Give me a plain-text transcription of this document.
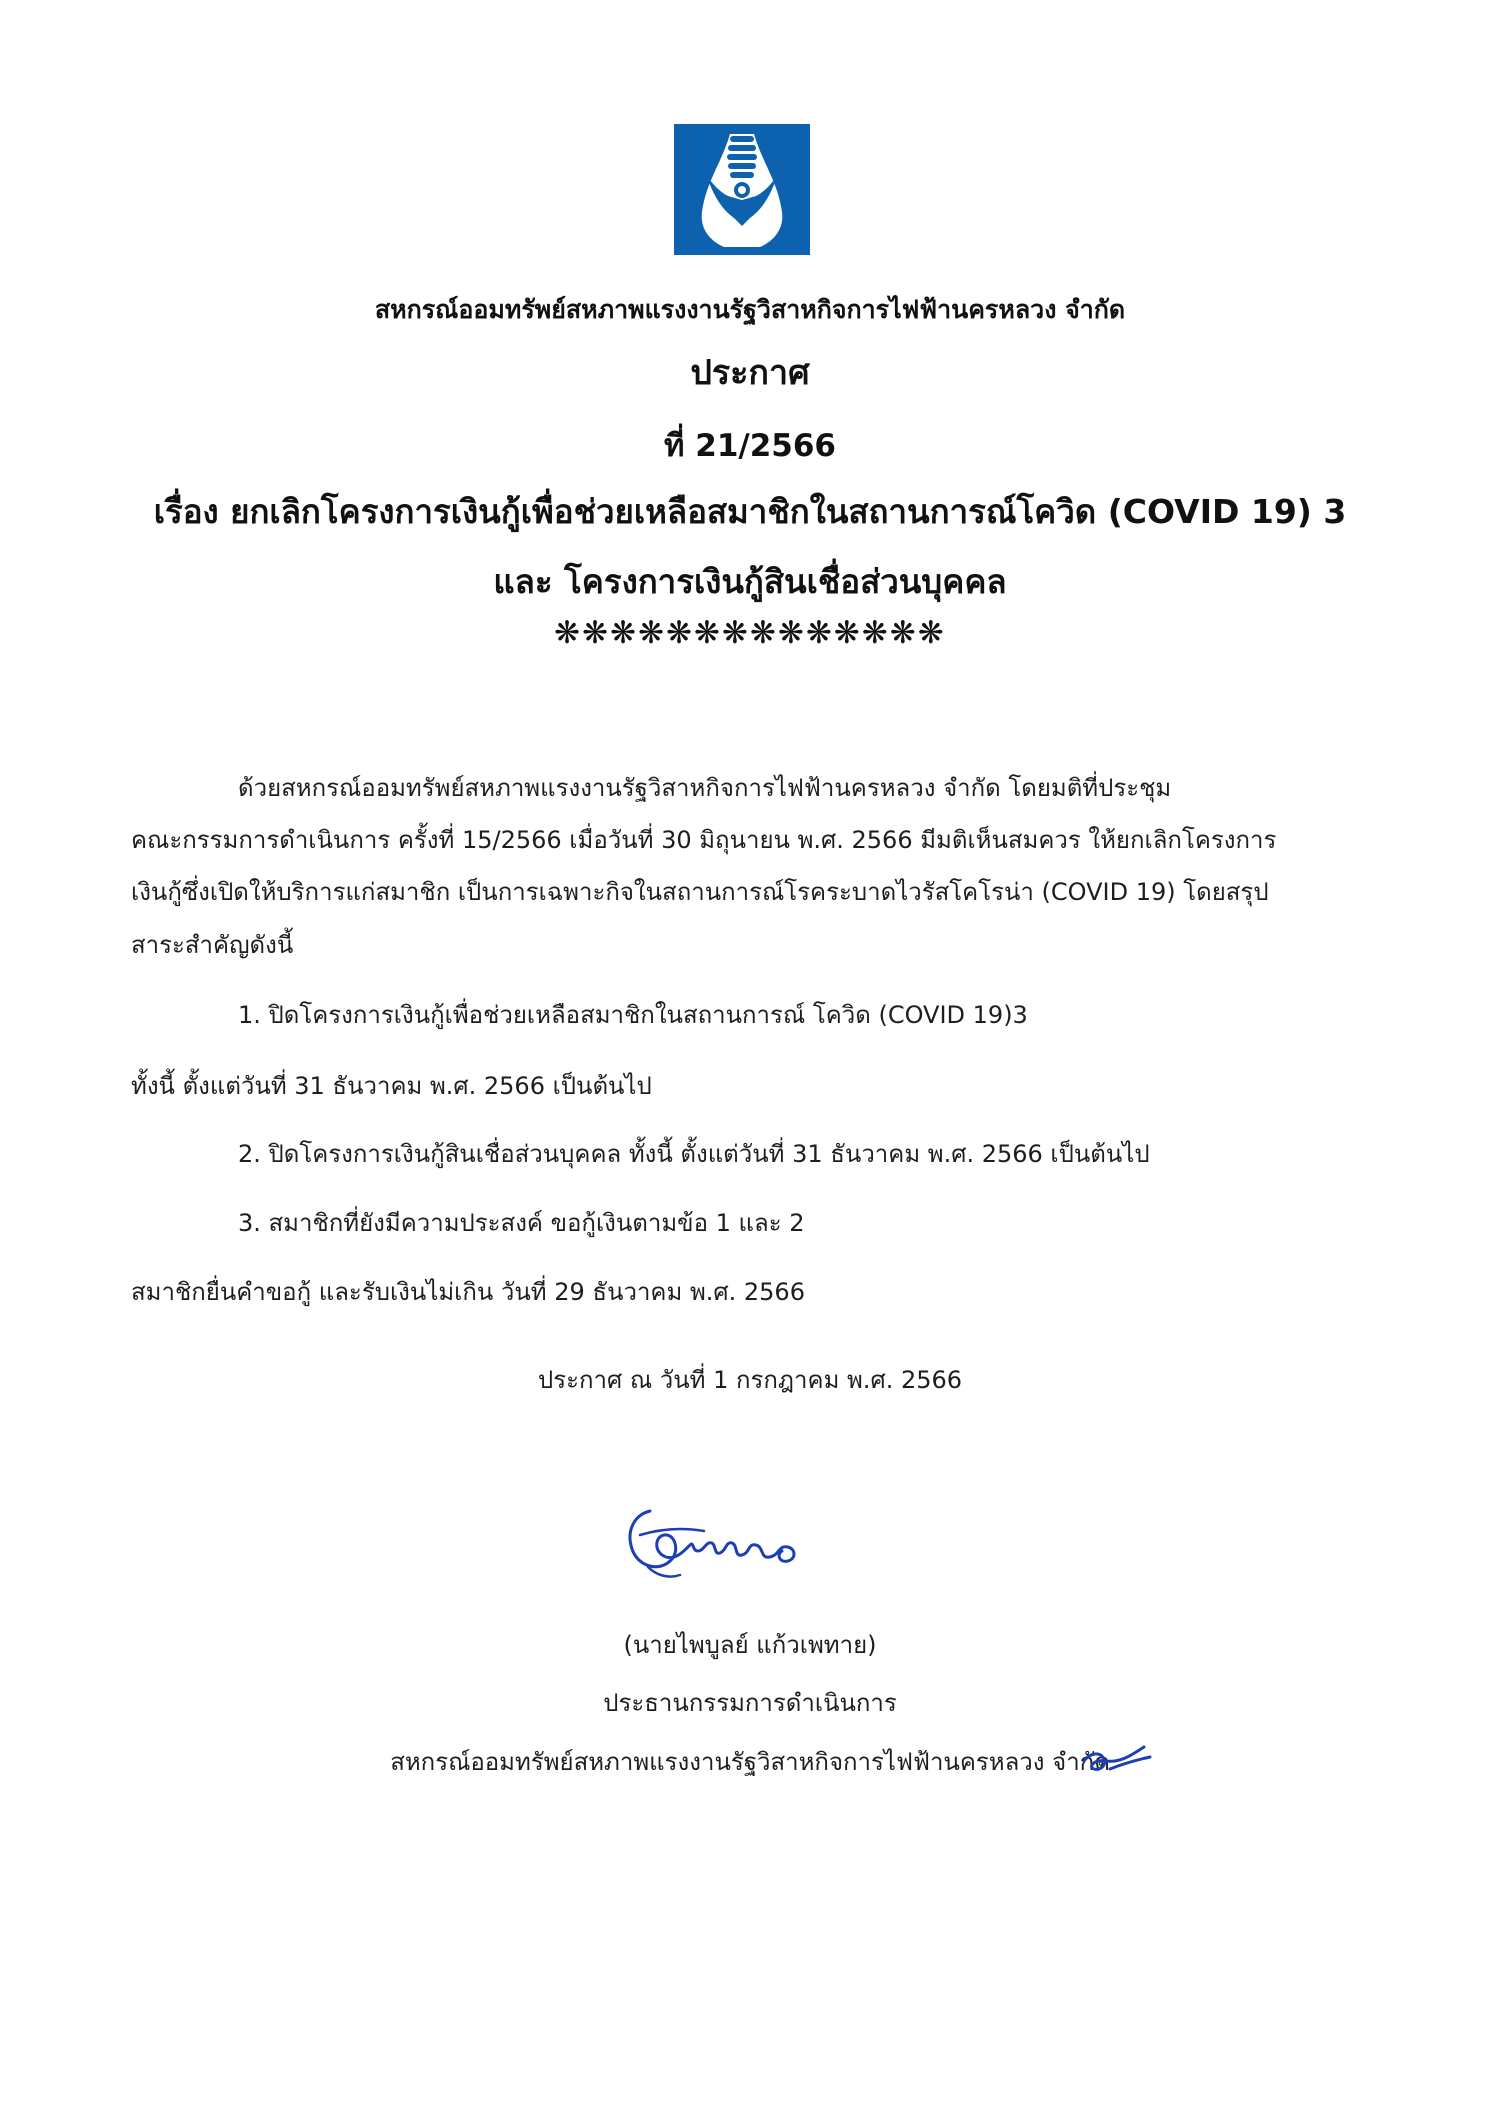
สหกรณ์ออมทรัพย์สหภาพแรงงานรัฐวิสาหกิจการไฟฟ้านครหลวง จำกัด
ประกาศ
ที่ 21/2566
เรื่อง ยกเลิกโครงการเงินกู้เพื่อช่วยเหลือสมาชิกในสถานการณ์โควิด (COVID 19) 3
และ โครงการเงินกู้สินเชื่อส่วนบุคคล
❋❋❋❋❋❋❋❋❋❋❋❋❋❋
ด้วยสหกรณ์ออมทรัพย์สหภาพแรงงานรัฐวิสาหกิจการไฟฟ้านครหลวง จำกัด โดยมติที่ประชุม
คณะกรรมการดำเนินการ ครั้งที่ 15/2566 เมื่อวันที่ 30 มิถุนายน พ.ศ. 2566 มีมติเห็นสมควร ให้ยกเลิกโครงการ
เงินกู้ซึ่งเปิดให้บริการแก่สมาชิก เป็นการเฉพาะกิจในสถานการณ์โรคระบาดไวรัสโคโรน่า (COVID 19) โดยสรุป
สาระสำคัญดังนี้
1. ปิดโครงการเงินกู้เพื่อช่วยเหลือสมาชิกในสถานการณ์ โควิด (COVID 19)3
ทั้งนี้ ตั้งแต่วันที่ 31 ธันวาคม พ.ศ. 2566 เป็นต้นไป
2. ปิดโครงการเงินกู้สินเชื่อส่วนบุคคล ทั้งนี้ ตั้งแต่วันที่ 31 ธันวาคม พ.ศ. 2566 เป็นต้นไป
3. สมาชิกที่ยังมีความประสงค์ ขอกู้เงินตามข้อ 1 และ 2
สมาชิกยื่นคำขอกู้ และรับเงินไม่เกิน วันที่ 29 ธันวาคม พ.ศ. 2566
ประกาศ ณ วันที่ 1 กรกฎาคม พ.ศ. 2566
(นายไพบูลย์ แก้วเพทาย)
ประธานกรรมการดำเนินการ
สหกรณ์ออมทรัพย์สหภาพแรงงานรัฐวิสาหกิจการไฟฟ้านครหลวง จำกัด
